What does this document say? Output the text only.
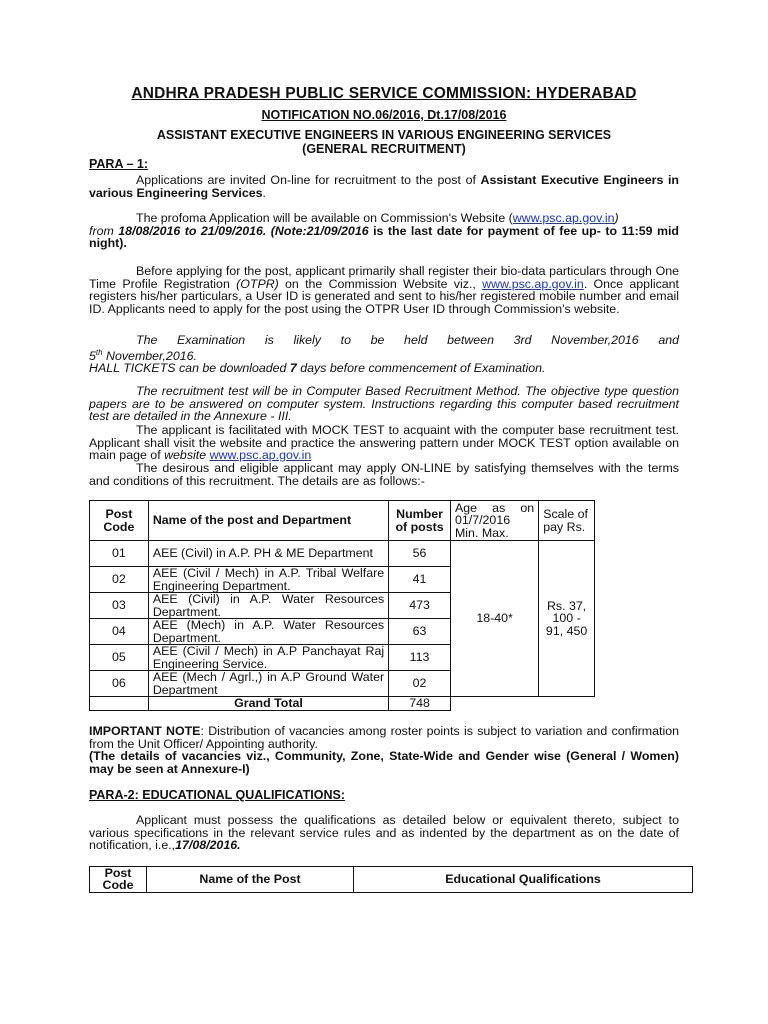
ANDHRA PRADESH PUBLIC SERVICE COMMISSION: HYDERABAD
NOTIFICATION NO.06/2016, Dt.17/08/2016
ASSISTANT EXECUTIVE ENGINEERS IN VARIOUS ENGINEERING SERVICES
(GENERAL RECRUITMENT)
PARA – 1:
Applications are invited On-line for recruitment to the post of Assistant Executive Engineers in various Engineering Services.
The profoma Application will be available on Commission's Website (www.psc.ap.gov.in)
from 18/08/2016 to 21/09/2016. (Note:21/09/2016 is the last date for payment of fee up- to 11:59 mid night).
Before applying for the post, applicant primarily shall register their bio-data particulars through One Time Profile Registration (OTPR) on the Commission Website viz., www.psc.ap.gov.in. Once applicant registers his/her particulars, a User ID is generated and sent to his/her registered mobile number and email ID. Applicants need to apply for the post using the OTPR User ID through Commission's website.
The Examination is likely to be held between 3rd November,2016 and
5th November,2016.
HALL TICKETS can be downloaded 7 days before commencement of Examination.
The recruitment test will be in Computer Based Recruitment Method. The objective type question papers are to be answered on computer system. Instructions regarding this computer based recruitment test are detailed in the Annexure - III.
The applicant is facilitated with MOCK TEST to acquaint with the computer base recruitment test. Applicant shall visit the website and practice the answering pattern under MOCK TEST option available on main page of website www.psc.ap.gov.in
The desirous and eligible applicant may apply ON-LINE by satisfying themselves with the terms and conditions of this recruitment. The details are as follows:-
Post Code	Name of the post and Department	Number of posts	Age as on 01/7/2016 Min. Max.	Scale of pay Rs.
01	AEE (Civil) in A.P. PH & ME Department	56	18-40*	Rs. 37, 100 - 91, 450
02	AEE (Civil / Mech) in A.P. Tribal Welfare Engineering Department.	41		
03	AEE (Civil) in A.P. Water Resources Department.	473		
04	AEE (Mech) in A.P. Water Resources Department.	63		
05	AEE (Civil / Mech) in A.P Panchayat Raj Engineering Service.	113		
06	AEE (Mech / Agrl.,) in A.P Ground Water Department	02		
	Grand Total	748		
IMPORTANT NOTE: Distribution of vacancies among roster points is subject to variation and confirmation from the Unit Officer/ Appointing authority.
(The details of vacancies viz., Community, Zone, State-Wide and Gender wise (General / Women) may be seen at Annexure-I)
PARA-2: EDUCATIONAL QUALIFICATIONS:
Applicant must possess the qualifications as detailed below or equivalent thereto, subject to various specifications in the relevant service rules and as indented by the department as on the date of notification, i.e.,17/08/2016.
Post Code	Name of the Post	Educational Qualifications
